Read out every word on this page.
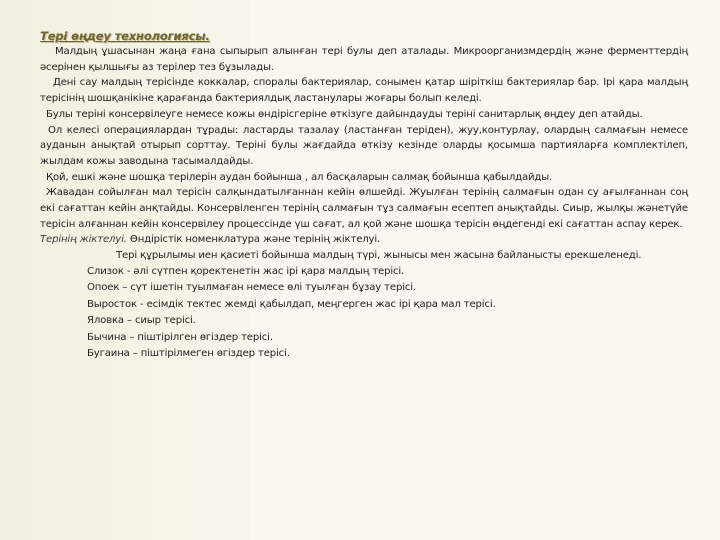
Тері өңдеу технологиясы.

Малдың ұшасынан жаңа ғана сыпырып алынған тері булы деп аталады. Микроорганизмдердің және ферменттердің әсерінен қылшығы аз терілер тез бұзылады.

Дені сау малдың терісінде коккалар, споралы бактериялар, сонымен қатар шіріткіш бактериялар бар. Ірі қара малдың терісінің шошқанікіне қарағанда бактериялдық ластанулары жоғары болып келеді.

Булы теріні консервілеуге немесе кожы өндірісгеріне өткізуге дайындауды терінi санитарлық өңдеу деп атайды.

Ол келесі операциялардан тұрады: ластарды тазалау (ластанған теріден), жуу,контурлау, олардың салмағын немесе ауданын анықтай отырып сорттау. Терiнi булы жағдайда өткізу кезінде оларды қосымша партияларға комплектілеп, жылдам кожы заводына тасымалдайды.

Қой, ешкі және шошқа терілерін аудан бойынша , ал басқаларын салмақ бойынша қабылдайды.

Жавадан сойылған мал терісін салқындатылғаннан кейін өлшейді. Жуылған терінің салмағын одан су ағылғаннан соң екі сағаттан кейін анқтайды. Консервіленген терінің салмағын тұз салмағын есептеп анықтайды. Сиыр, жылқы жәнетүйе терісін алғаннан кейін консервілеу процессінде үш сағат, ал қой және шошқа терісін өңдегенді екі сағаттан аспау керек.

Терiнiң жiктелуi. Өндірістік номенклатура және терінің жіктелуі.

Тері құрылымы иен қасиеті бойынша малдың түрі, жынысы мен жасына байланысты ерекшеленеді.

Слизок - әлі сүтпен қоректенетін жас ірі қара малдың терісі.
Опоек – сүт iшетiн туылмаған немесе өлі туылған бұзау терісі.
Выросток - есімдік тектес жемді қабылдап, меңгерген жас ірі қара мал терісі.
Яловка – сиыр терісі.
Бычина – піштірілген өгіздер терісі.
Бугаина – піштірілмеген өгіздер терісі.
